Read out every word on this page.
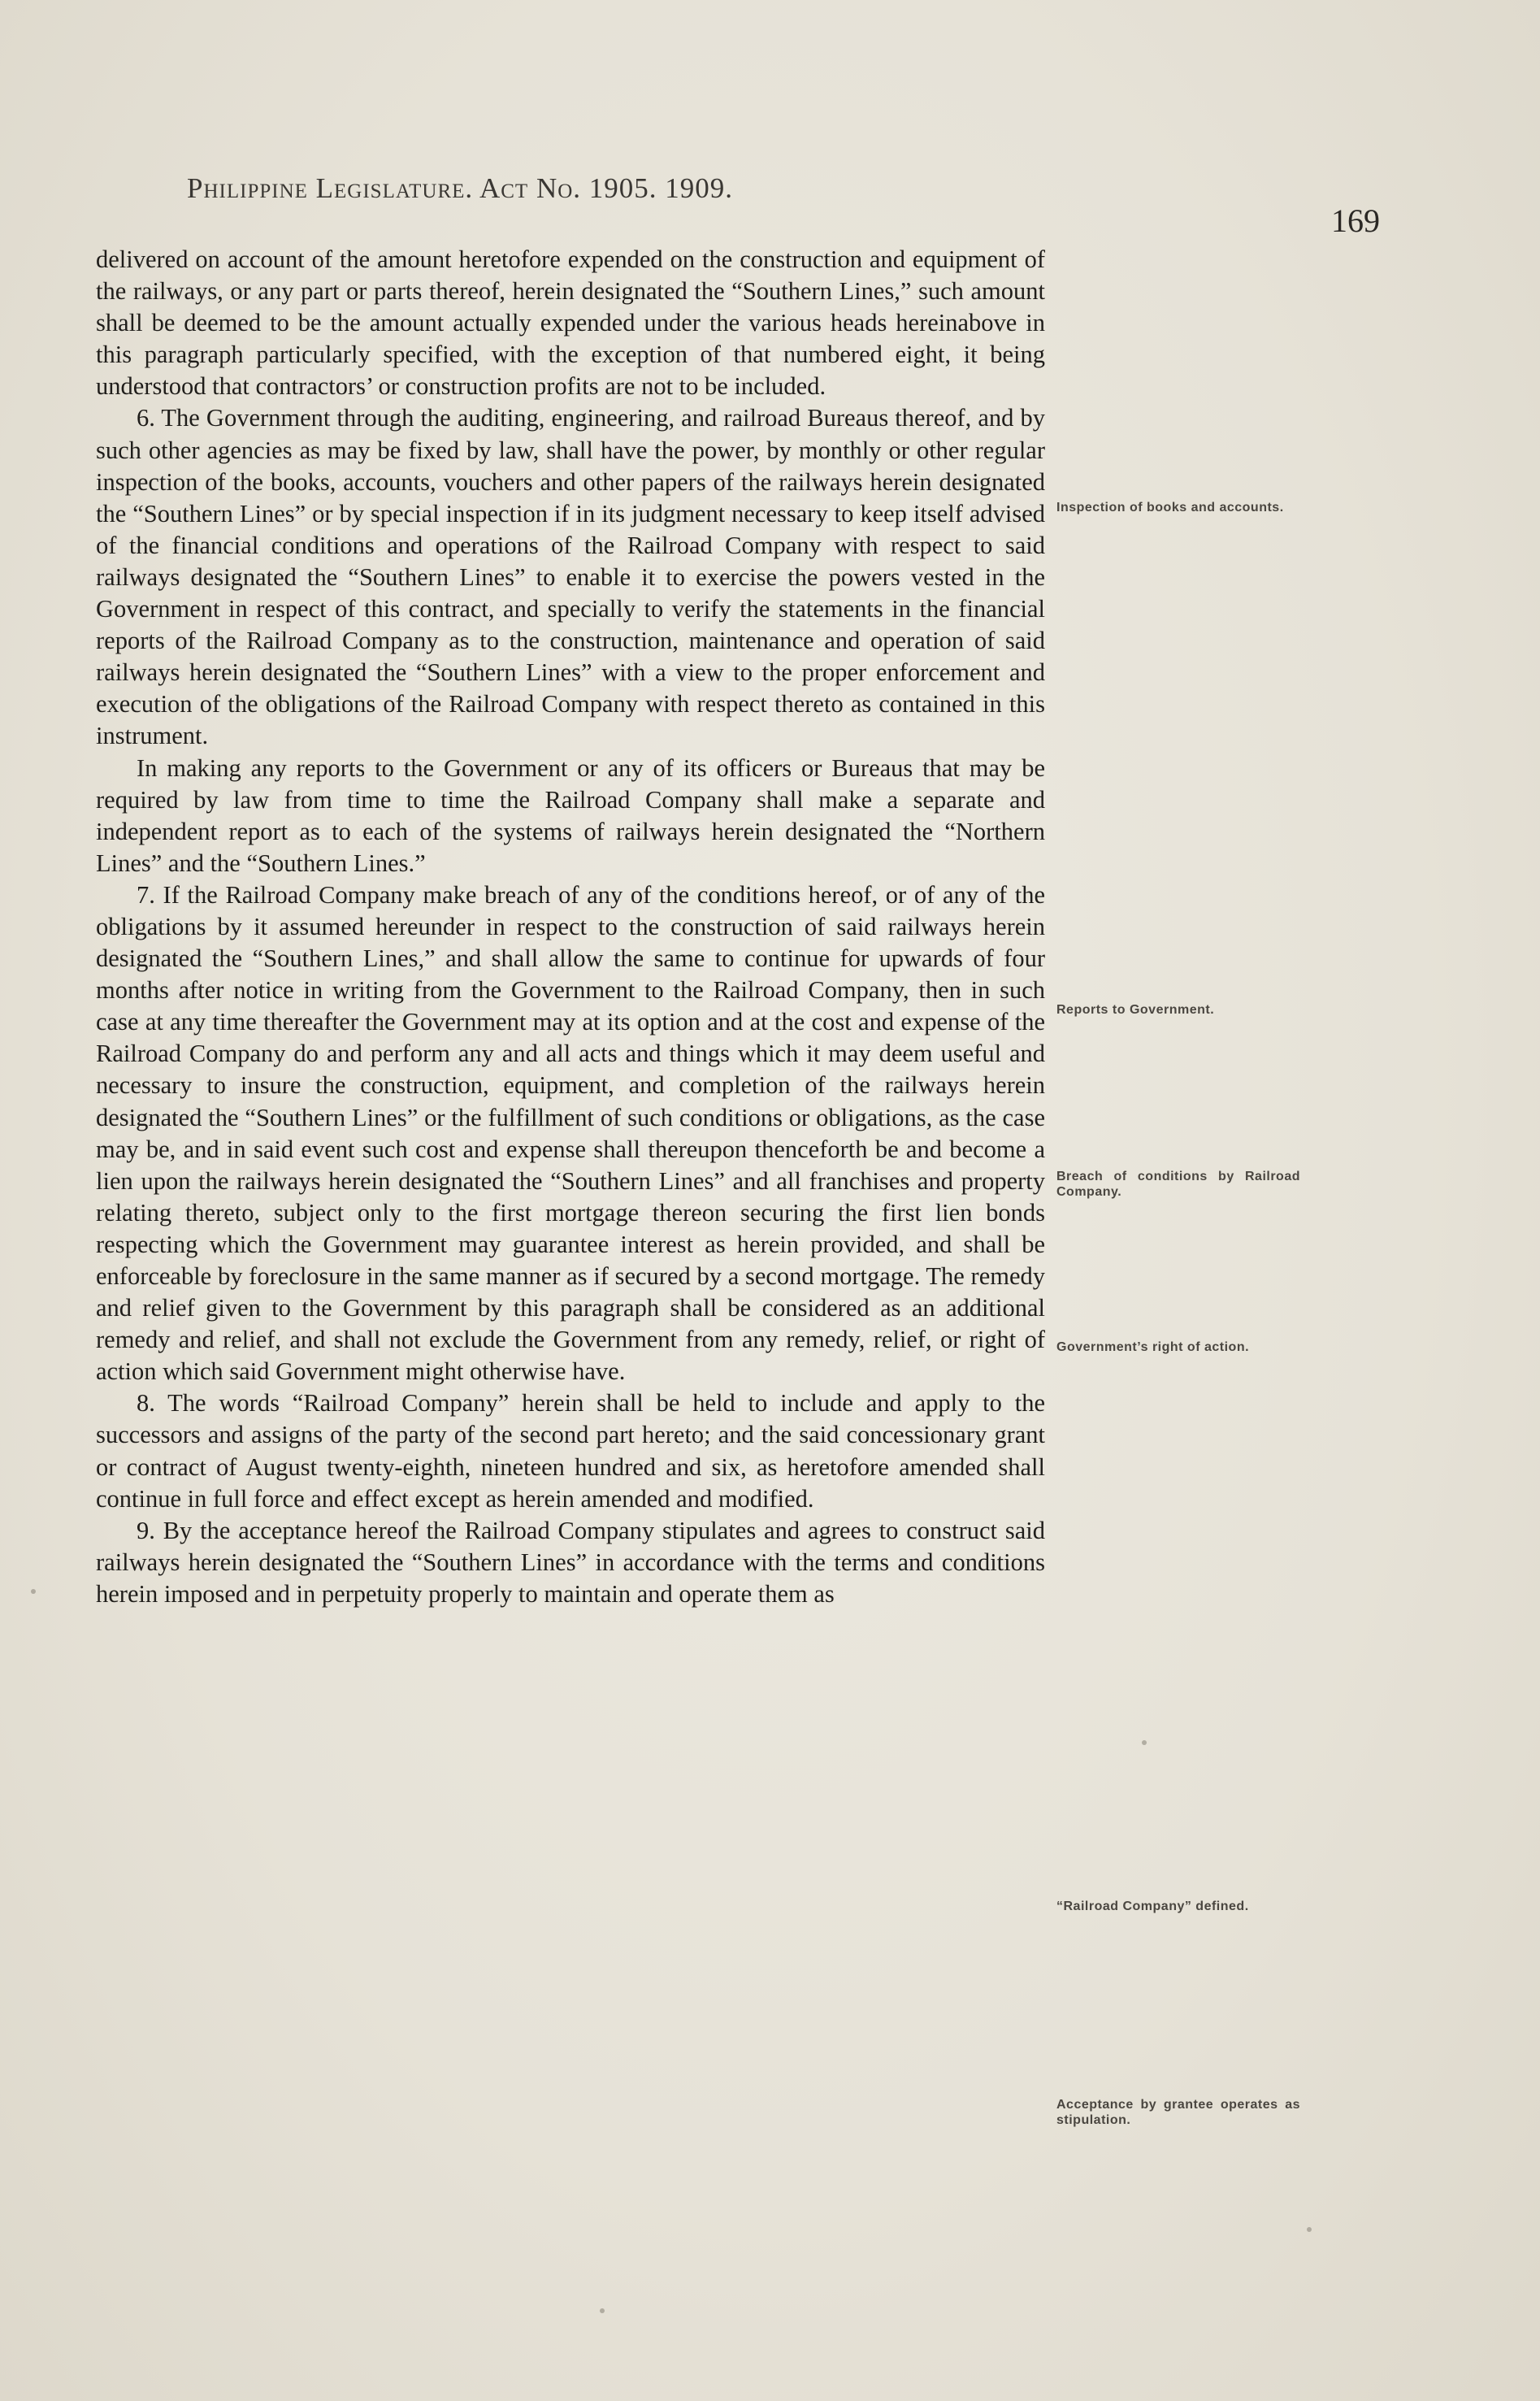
Philippine Legislature. Act No. 1905. 1909.
169

delivered on account of the amount heretofore expended on the construction and equipment of the railways, or any part or parts thereof, herein designated the “Southern Lines,” such amount shall be deemed to be the amount actually expended under the various heads hereinabove in this paragraph particularly specified, with the exception of that numbered eight, it being understood that contractors’ or construction profits are not to be included.

6. The Government through the auditing, engineering, and railroad Bureaus thereof, and by such other agencies as may be fixed by law, shall have the power, by monthly or other regular inspection of the books, accounts, vouchers and other papers of the railways herein designated the “Southern Lines” or by special inspection if in its judgment necessary to keep itself advised of the financial conditions and operations of the Railroad Company with respect to said railways designated the “Southern Lines” to enable it to exercise the powers vested in the Government in respect of this contract, and specially to verify the statements in the financial reports of the Railroad Company as to the construction, maintenance and operation of said railways herein designated the “Southern Lines” with a view to the proper enforcement and execution of the obligations of the Railroad Company with respect thereto as contained in this instrument.

In making any reports to the Government or any of its officers or Bureaus that may be required by law from time to time the Railroad Company shall make a separate and independent report as to each of the systems of railways herein designated the “Northern Lines” and the “Southern Lines.”

7. If the Railroad Company make breach of any of the conditions hereof, or of any of the obligations by it assumed hereunder in respect to the construction of said railways herein designated the “Southern Lines,” and shall allow the same to continue for upwards of four months after notice in writing from the Government to the Railroad Company, then in such case at any time thereafter the Government may at its option and at the cost and expense of the Railroad Company do and perform any and all acts and things which it may deem useful and necessary to insure the construction, equipment, and completion of the railways herein designated the “Southern Lines” or the fulfillment of such conditions or obligations, as the case may be, and in said event such cost and expense shall thereupon thenceforth be and become a lien upon the railways herein designated the “Southern Lines” and all franchises and property relating thereto, subject only to the first mortgage thereon securing the first lien bonds respecting which the Government may guarantee interest as herein provided, and shall be enforceable by foreclosure in the same manner as if secured by a second mortgage. The remedy and relief given to the Government by this paragraph shall be considered as an additional remedy and relief, and shall not exclude the Government from any remedy, relief, or right of action which said Government might otherwise have.

8. The words “Railroad Company” herein shall be held to include and apply to the successors and assigns of the party of the second part hereto; and the said concessionary grant or contract of August twenty-eighth, nineteen hundred and six, as heretofore amended shall continue in full force and effect except as herein amended and modified.

9. By the acceptance hereof the Railroad Company stipulates and agrees to construct said railways herein designated the “Southern Lines” in accordance with the terms and conditions herein imposed and in perpetuity properly to maintain and operate them as

Inspection of books and accounts.
Reports to Government.
Breach of conditions by Railroad Company.
Government’s right of action.
“Railroad Company” defined.
Acceptance by grantee operates as stipulation.
